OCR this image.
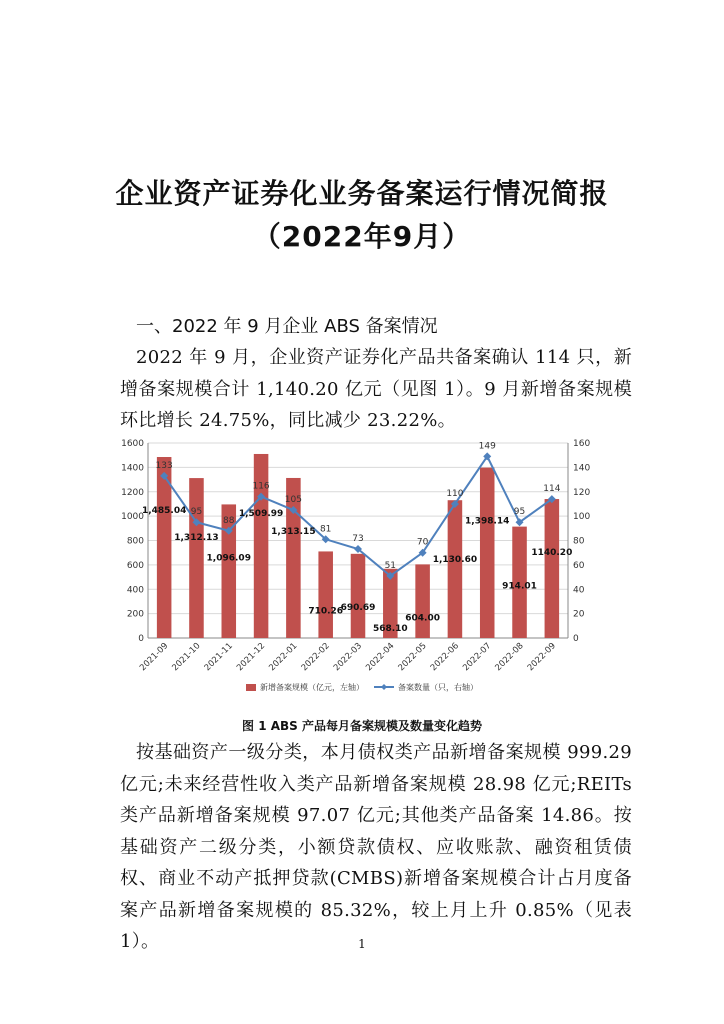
企业资产证券化业务备案运行情况简报
（2022年9月）
一、2022 年 9 月企业 ABS 备案情况
2022 年 9 月，企业资产证券化产品共备案确认 114 只，新增备案规模合计 1,140.20 亿元（见图 1）。9 月新增备案规模环比增长 24.75%，同比减少 23.22%。
0
200
400
600
800
1000
1200
1400
1600
0
20
40
60
80
100
120
140
160
133
95
88
116
105
81
73
51
70
110
149
95
114
1,485.04
1,312.13
1,096.09
1,509.99
1,313.15
710.26
690.69
568.10
604.00
1,130.60
1,398.14
914.01
1140.20
2021-09 2021-10 2021-11 2021-12 2022-01 2022-02 2022-03 2022-04 2022-05 2022-06 2022-07 2022-08 2022-09
新增备案规模（亿元，左轴）	备案数量（只，右轴）
图 1 ABS 产品每月备案规模及数量变化趋势
按基础资产一级分类，本月债权类产品新增备案规模 999.29 亿元;未来经营性收入类产品新增备案规模 28.98 亿元;REITs 类产品新增备案规模 97.07 亿元;其他类产品备案 14.86。按基础资产二级分类，小额贷款债权、应收账款、融资租赁债权、商业不动产抵押贷款(CMBS)新增备案规模合计占月度备案产品新增备案规模的 85.32%，较上月上升 0.85%（见表 1）。	1
